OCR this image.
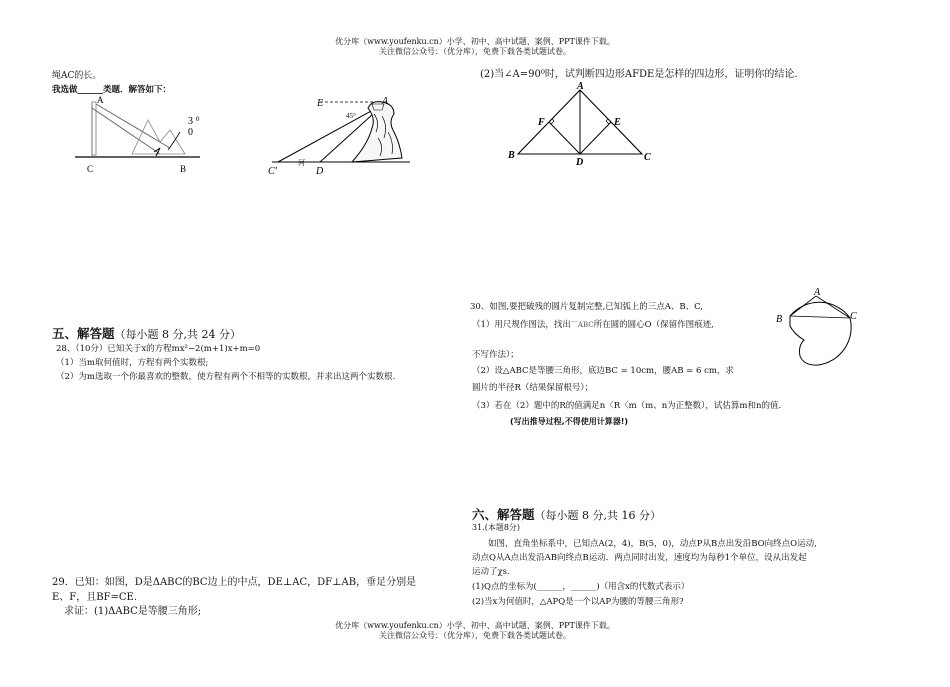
优分库（www.youfenku.cn）小学、初中、高中试题、案例、PPT课件下载。
关注微信公众号：（优分库），免费下载各类试题试卷。
绳AC的长。
我选做______类题．解答如下：
A
C	B
3 ⁰
0
E	A
45°
C'	D
河
五、解答题（每小题 8 分,共 24 分）
28、（10分）已知关于x的方程mx²−2(m+1)x+m=0
（1）当m取何值时，方程有两个实数根;
（2）为m选取一个你最喜欢的整数，使方程有两个不相等的实数根，并求出这两个实数根.
29．已知：如图，D是ΔABC的BC边上的中点，DE⊥AC，DF⊥AB，垂足分别是
E、F，且BF=CE.
求证：(1)ΔABC是等腰三角形;
(2)当∠A=90⁰时，试判断四边形AFDE是怎样的四边形，证明你的结论.
A
B	C
D
E
F
30、如图,要把破残的圆片复制完整,已知弧上的三点A、B、C,
（1）用尺规作图法，找出⌒ABC所在圆的圆心O（保留作图痕迹,
不写作法）；
（2）设△ABC是等腰三角形，底边BC = 10cm，腰AB = 6 cm，求
圆片的半径R（结果保留根号）；
（3）若在（2）题中的R的值满足n〈R〈m（m、n为正整数），试估算m和n的值.
(写出推导过程,不得使用计算器!)
A
B	C
六、解答题（每小题 8 分,共 16 分）
31.(本题8分)
如图，直角坐标系中，已知点A(2，4)，B(5，0)，动点P从B点出发沿BO向终点O运动,
动点Q从A点出发沿AB向终点B运动．两点同时出发，速度均为每秒1个单位，设从出发起
运动了χs.
(1)Q点的坐标为(______，______)（用含x的代数式表示）
(2)当x为何值时，△APQ是一个以AP为腰的等腰三角形?
优分库（www.youfenku.cn）小学、初中、高中试题、案例、PPT课件下载。
关注微信公众号：（优分库），免费下载各类试题试卷。
